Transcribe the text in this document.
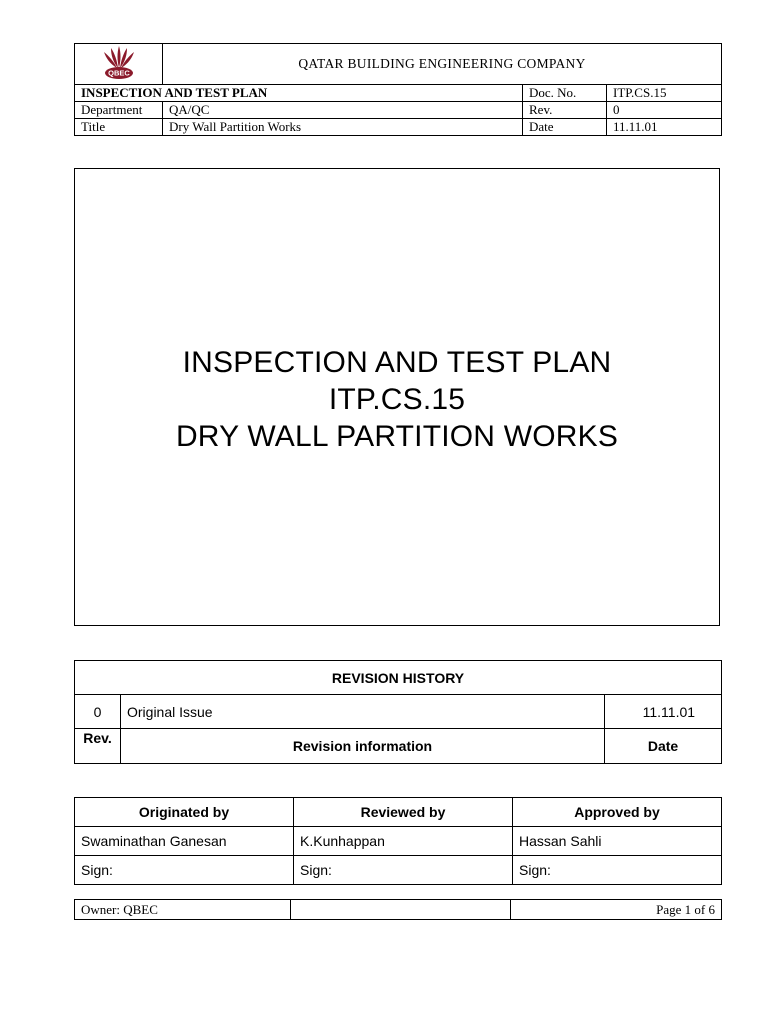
QBEC	QATAR BUILDING ENGINEERING COMPANY		
INSPECTION AND TEST PLAN		Doc. No.	ITP.CS.15
Department	QA/QC	Rev.	0
Title	Dry Wall Partition Works	Date	11.11.01
INSPECTION AND TEST PLAN
ITP.CS.15
DRY WALL PARTITION WORKS
REVISION HISTORY		
0	Original Issue	11.11.01
Rev.	Revision information	Date
Originated by	Reviewed by	Approved by
Swaminathan Ganesan	K.Kunhappan	Hassan Sahli
Sign:	Sign:	Sign:
Owner: QBEC		Page 1 of 6
